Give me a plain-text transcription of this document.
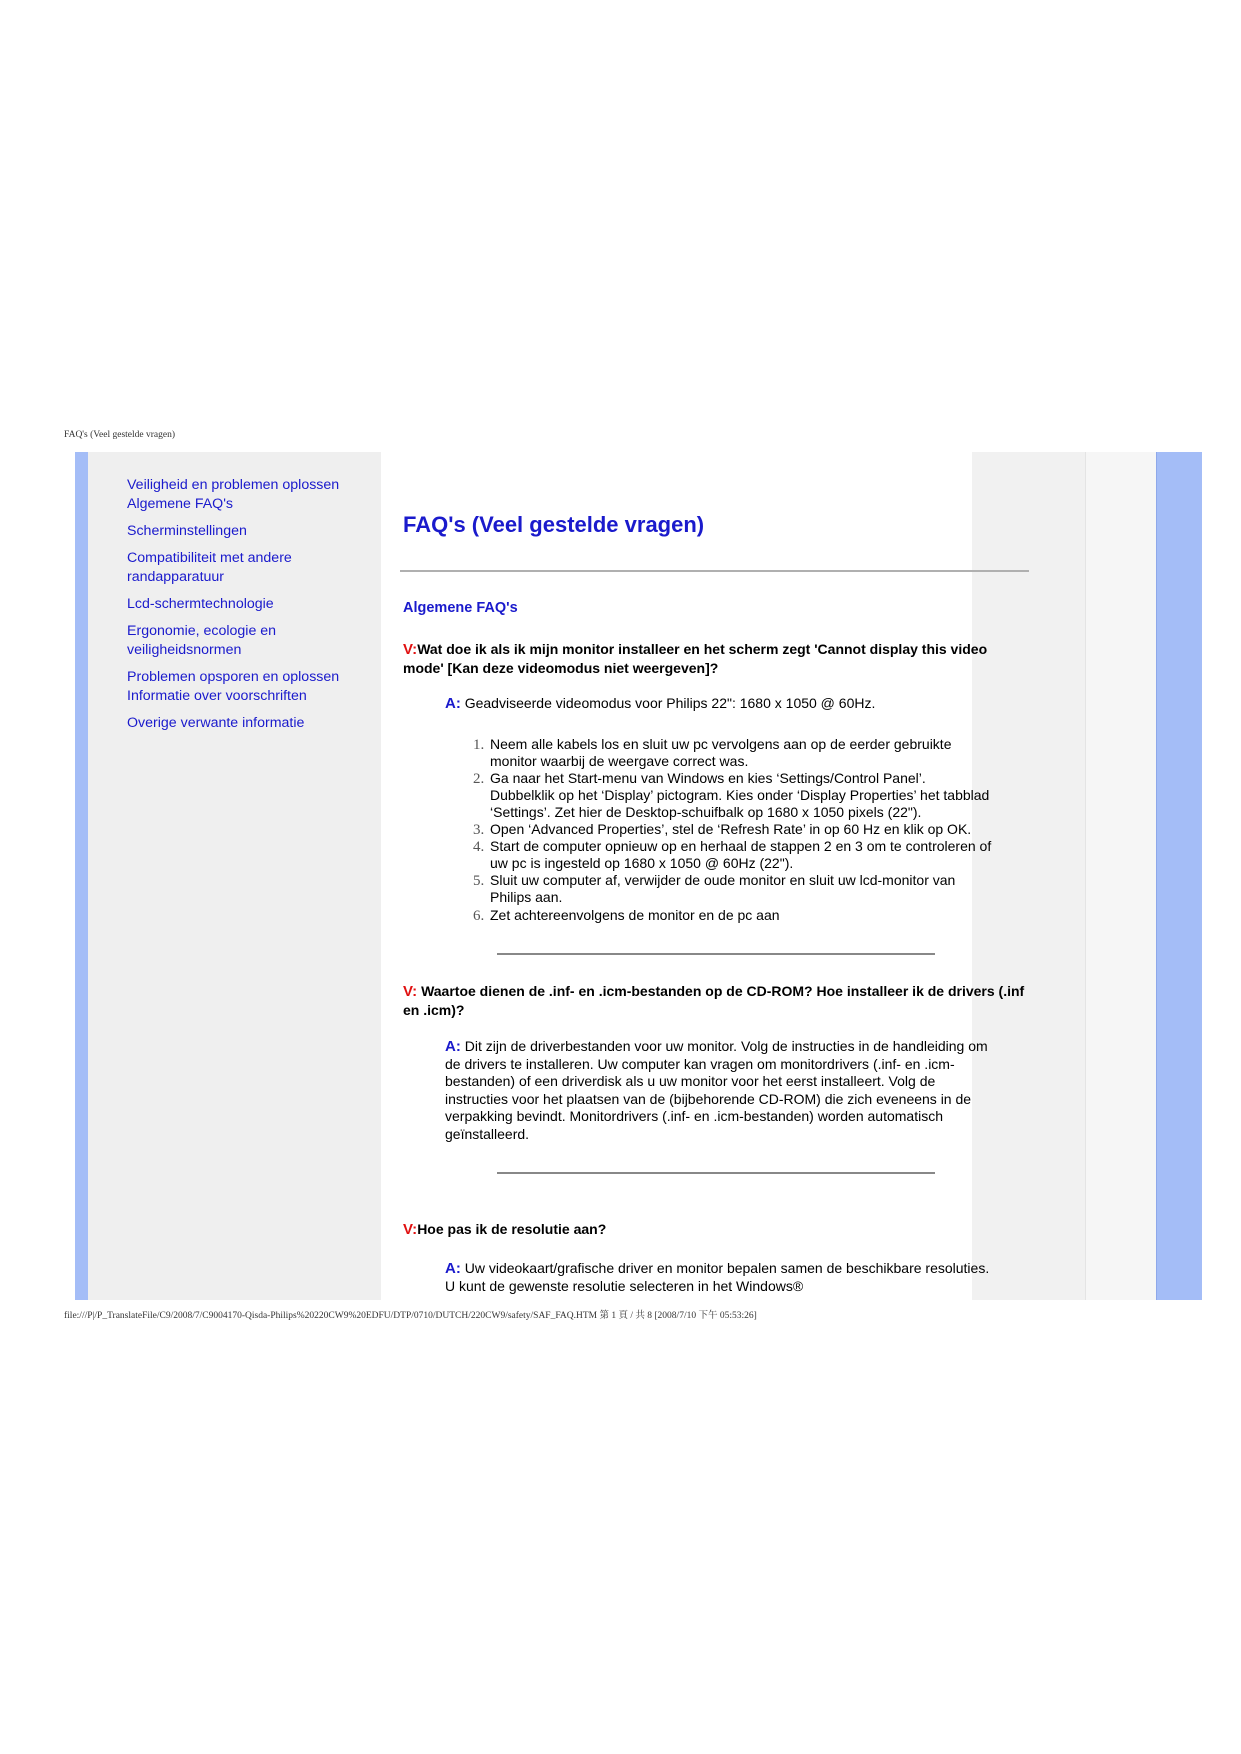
FAQ's (Veel gestelde vragen)
Veiligheid en problemen oplossen
Algemene FAQ's
Scherminstellingen
Compatibiliteit met andere randapparatuur
Lcd-schermtechnologie
Ergonomie, ecologie en veiligheidsnormen
Problemen opsporen en oplossen
Informatie over voorschriften
Overige verwante informatie
FAQ's (Veel gestelde vragen)
Algemene FAQ's
V:Wat doe ik als ik mijn monitor installeer en het scherm zegt 'Cannot display this video mode' [Kan deze videomodus niet weergeven]?
A: Geadviseerde videomodus voor Philips 22": 1680 x 1050 @ 60Hz.
1. Neem alle kabels los en sluit uw pc vervolgens aan op de eerder gebruikte monitor waarbij de weergave correct was.
2. Ga naar het Start-menu van Windows en kies ‘Settings/Control Panel’. Dubbelklik op het ‘Display’ pictogram. Kies onder ‘Display Properties’ het tabblad ‘Settings’. Zet hier de Desktop-schuifbalk op 1680 x 1050 pixels (22").
3. Open ‘Advanced Properties’, stel de ‘Refresh Rate’ in op 60 Hz en klik op OK.
4. Start de computer opnieuw op en herhaal de stappen 2 en 3 om te controleren of uw pc is ingesteld op 1680 x 1050 @ 60Hz (22").
5. Sluit uw computer af, verwijder de oude monitor en sluit uw lcd-monitor van Philips aan.
6. Zet achtereenvolgens de monitor en de pc aan
V: Waartoe dienen de .inf- en .icm-bestanden op de CD-ROM? Hoe installeer ik de drivers (.inf en .icm)?
A: Dit zijn de driverbestanden voor uw monitor. Volg de instructies in de handleiding om de drivers te installeren. Uw computer kan vragen om monitordrivers (.inf- en .icm-bestanden) of een driverdisk als u uw monitor voor het eerst installeert. Volg de instructies voor het plaatsen van de (bijbehorende CD-ROM) die zich eveneens in de verpakking bevindt. Monitordrivers (.inf- en .icm-bestanden) worden automatisch geïnstalleerd.
V:Hoe pas ik de resolutie aan?
A: Uw videokaart/grafische driver en monitor bepalen samen de beschikbare resoluties. U kunt de gewenste resolutie selecteren in het Windows®
file:///P|/P_TranslateFile/C9/2008/7/C9004170-Qisda-Philips%20220CW9%20EDFU/DTP/0710/DUTCH/220CW9/safety/SAF_FAQ.HTM 第 1 頁 / 共 8 [2008/7/10 下午 05:53:26]
